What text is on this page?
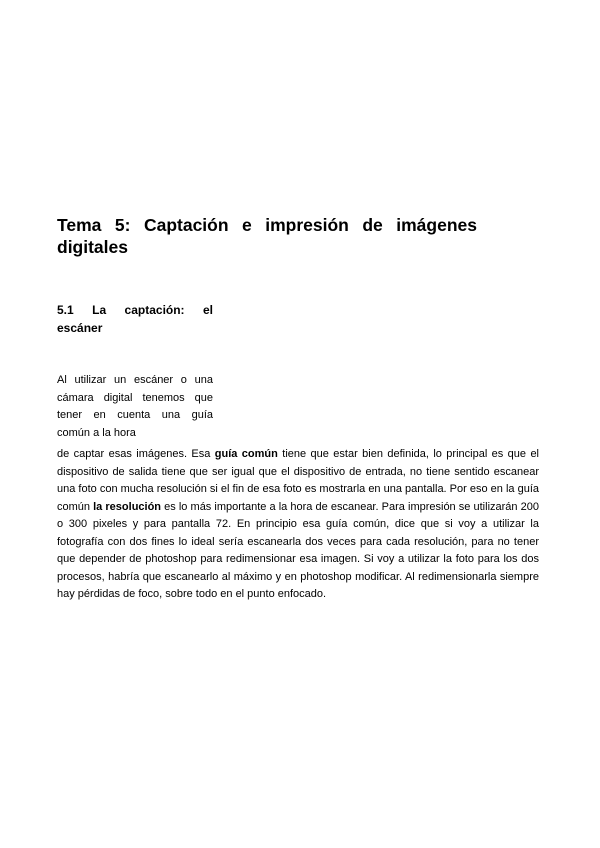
Tema 5: Captación e impresión de imágenes digitales
5.1 La captación: el escáner

Al utilizar un escáner o una cámara digital tenemos que tener en cuenta una guía común a la hora

de captar esas imágenes. Esa guía común tiene que estar bien definida, lo principal es que el dispositivo de salida tiene que ser igual que el dispositivo de entrada, no tiene sentido escanear una foto con mucha resolución si el fin de esa foto es mostrarla en una pantalla. Por eso en la guía común la resolución es lo más importante a la hora de escanear. Para impresión se utilizarán 200 o 300 pixeles y para pantalla 72. En principio esa guía común, dice que si voy a utilizar la fotografía con dos fines lo ideal sería escanearla dos veces para cada resolución, para no tener que depender de photoshop para redimensionar esa imagen. Si voy a utilizar la foto para los dos procesos, habría que escanearlo al máximo y en photoshop modificar. Al redimensionarla siempre hay pérdidas de foco, sobre todo en el punto enfocado.
